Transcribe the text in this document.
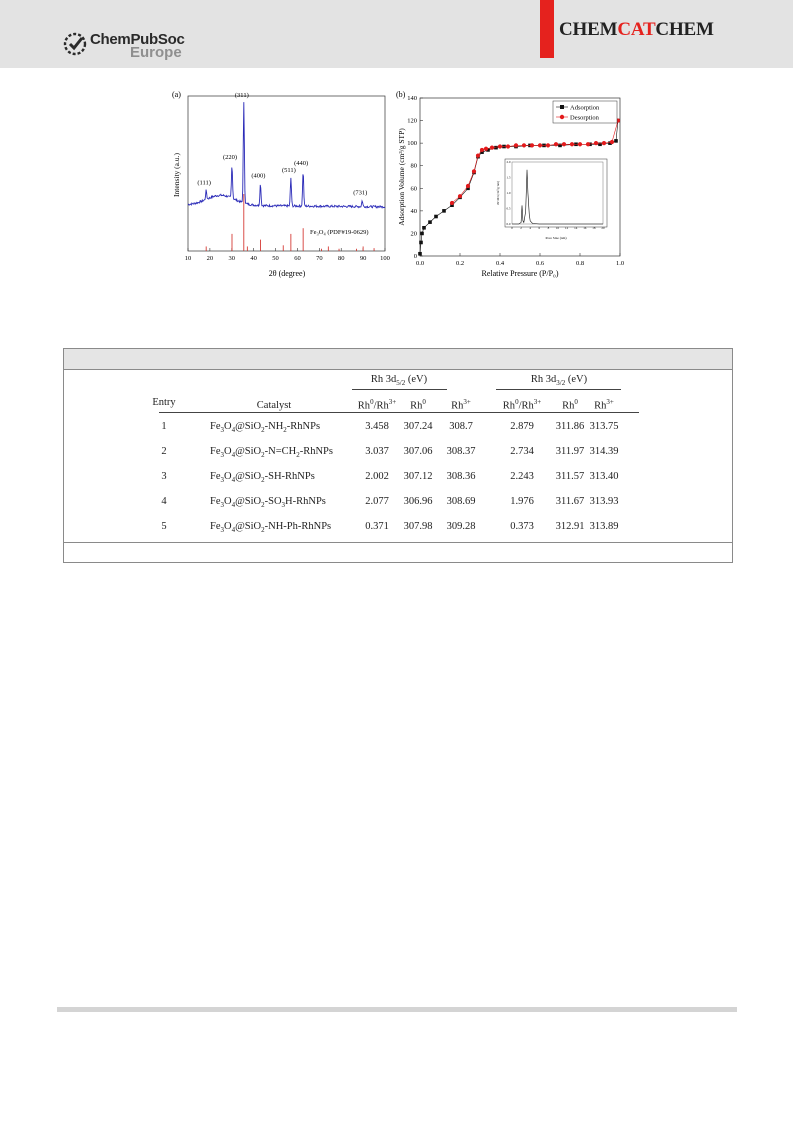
ChemPubSoc
Europe
CHEMCATCHEM
(a)
Intensity (a.u.)
2θ (degree)
10 20 30 40 50 60 70 80 90 100
(111)
(220)
(311)
(400)
(511)
(440)
(731)
Fe₃O₄ (PDF#19-0629)
(b)
Adsorption Volume (cm³/g STP)
Relative Pressure (P/P₀)
0
20
40
60
80
100
120
140
0.0	0.2	0.4	0.6	0.8	1.0
Adsorption
Desorption
0 2 4 6 8 10 12 14 16 18 20
0.0
0.5
1.0
1.5
2.0
Pore Size (nm)
dV/dD (cm³/g·nm)
Rh $3d_{5/2}$ (eV)	Rh $3d_{3/2}$ (eV)
Entry	Catalyst	$Rh^0/Rh^{3+}$ Rh$^0$ $Rh^{3+}$	$Rh^0/Rh^{3+}$ Rh$^0$ $Rh^{3+}$
1	$Fe_3O_4@SiO_2-NH_2$-RhNPs	3.458 307.24 308.7	2.879 311.86 313.75
2	$Fe_3O_4@SiO_2-N=CH_2$-RhNPs	3.037 307.06 308.37	2.734 311.97 314.39
3	$Fe_3O_4@SiO_2-SH$-RhNPs	2.002 307.12 308.36	2.243 311.57 313.40
4	$Fe_3O_4@SiO_2-SO_3H$-RhNPs	2.077 306.96 308.69	1.976 311.67 313.93
5	$Fe_3O_4@SiO_2-NH-Ph$-RhNPs	0.371 307.98 309.28	0.373 312.91 313.89
